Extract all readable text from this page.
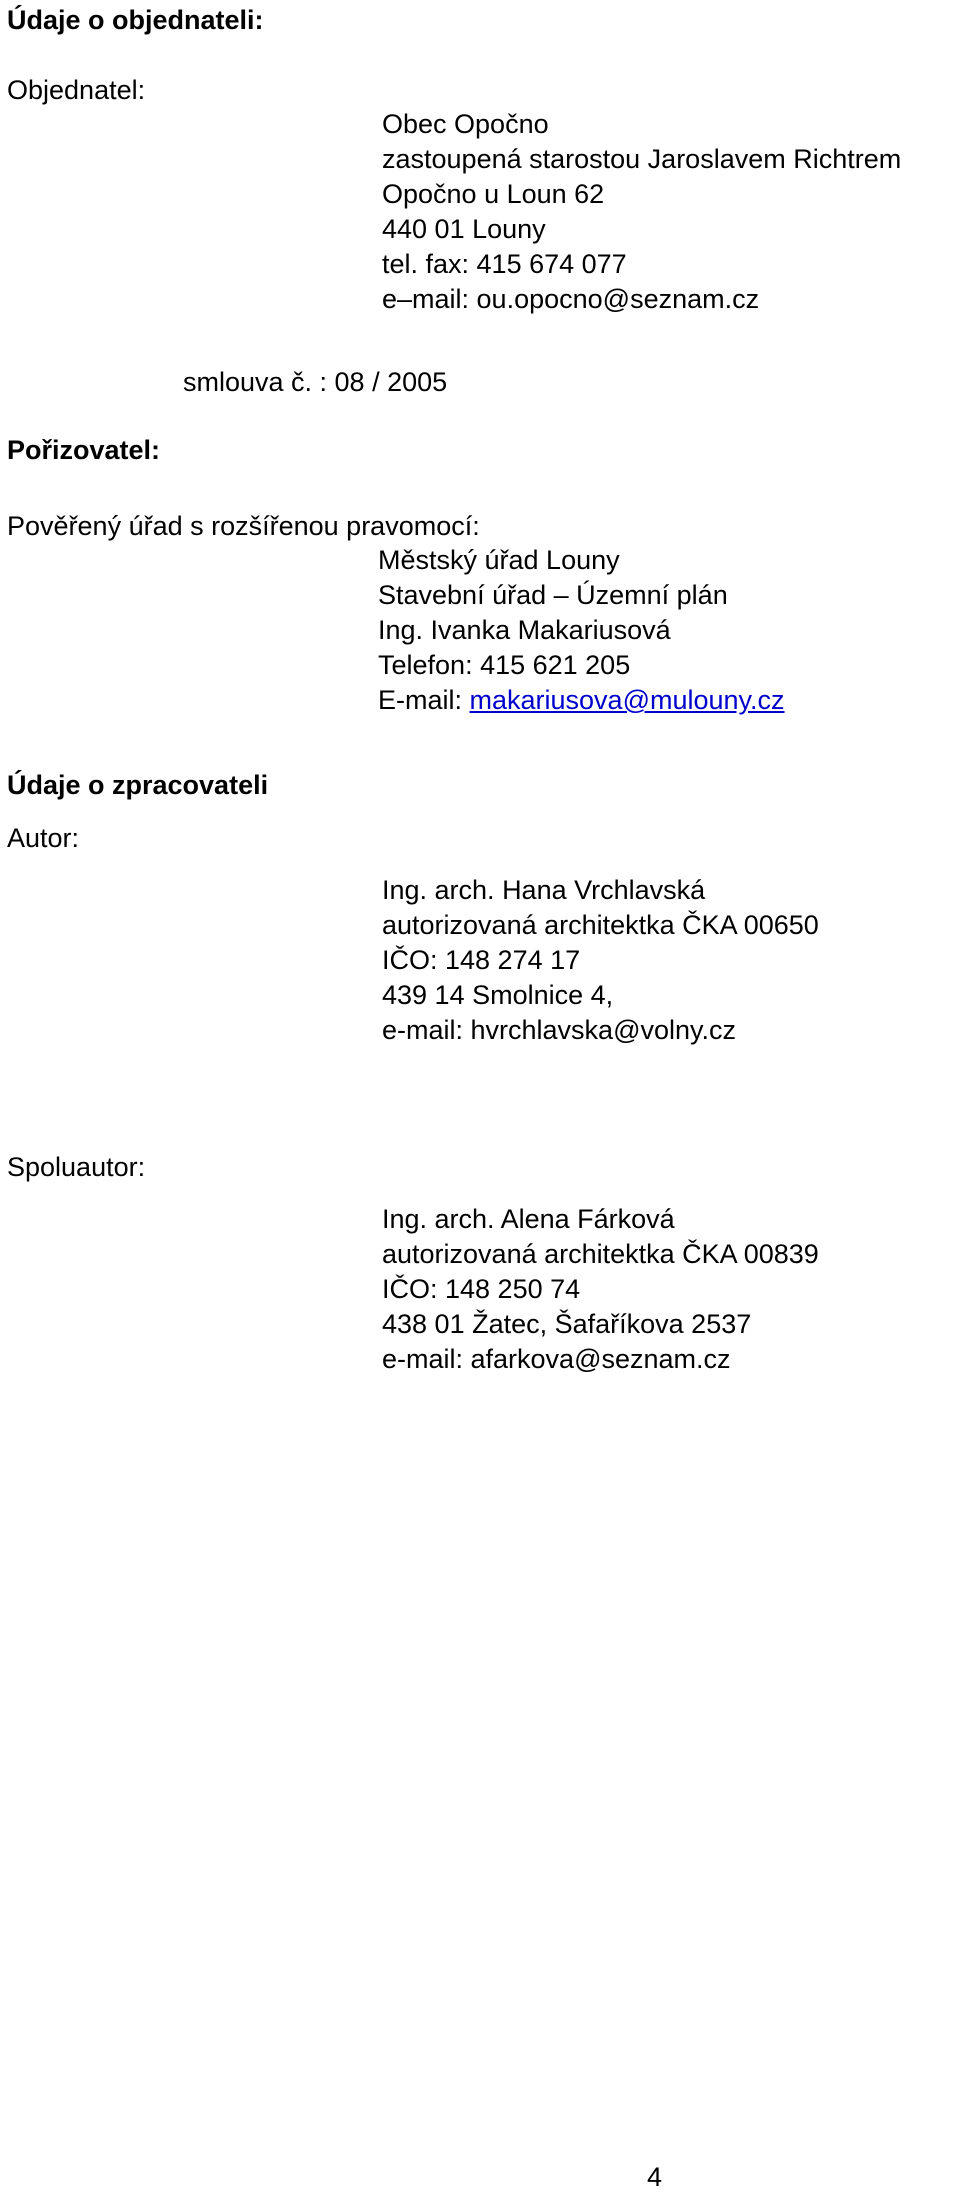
Údaje o objednateli:
Objednatel:
Obec Opočno
zastoupená starostou Jaroslavem Richtrem
Opočno u Loun 62
440 01 Louny
tel. fax: 415 674 077
e–mail: ou.opocno@seznam.cz
smlouva č. : 08 / 2005
Pořizovatel:
Pověřený úřad s rozšířenou pravomocí:
Městský úřad Louny
Stavební úřad – Územní plán
Ing. Ivanka Makariusová
Telefon: 415 621 205
E-mail: makariusova@mulouny.cz
Údaje o zpracovateli
Autor:
Ing. arch. Hana Vrchlavská
autorizovaná architektka ČKA 00650
IČO: 148 274 17
439 14 Smolnice 4,
e-mail: hvrchlavska@volny.cz
Spoluautor:
Ing. arch. Alena Fárková
autorizovaná architektka ČKA 00839
IČO: 148 250 74
438 01 Žatec, Šafaříkova 2537
e-mail: afarkova@seznam.cz
4
